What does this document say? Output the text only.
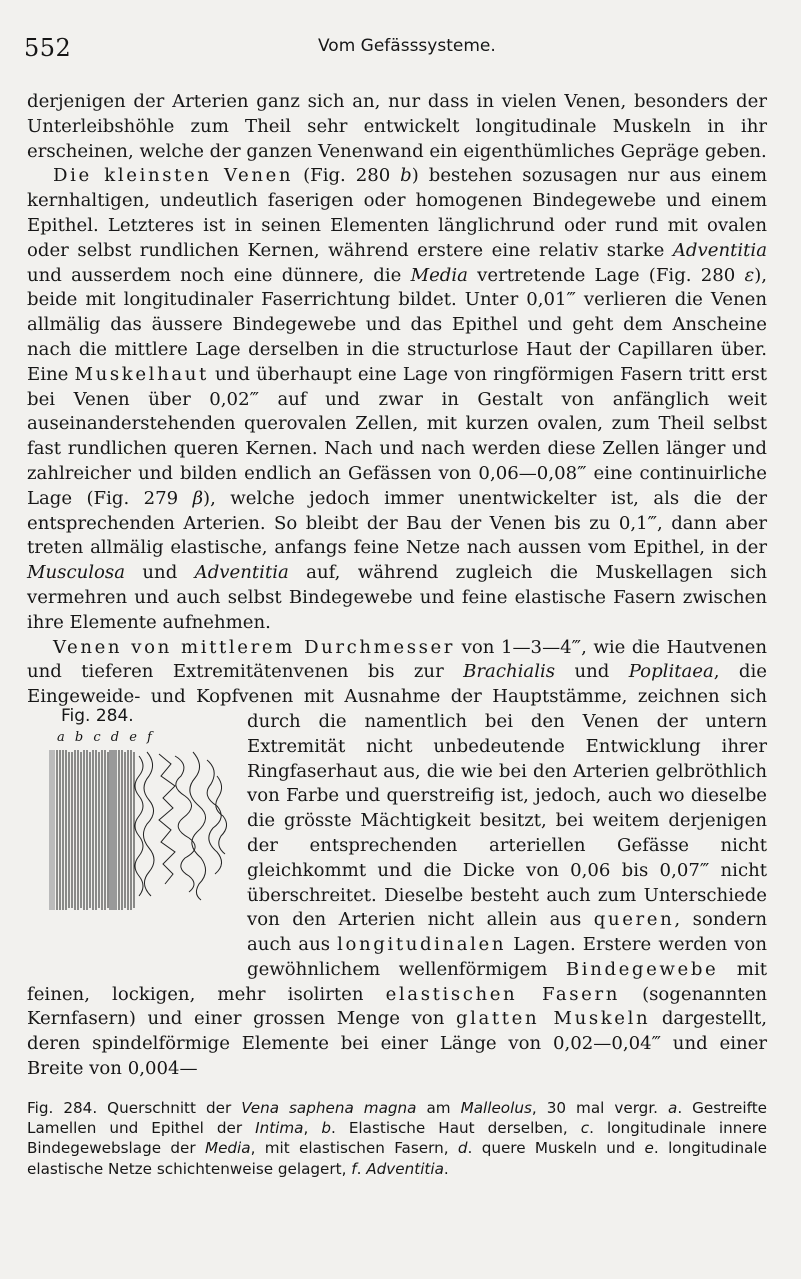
552	Vom Gefässsysteme.

derjenigen der Arterien ganz sich an, nur dass in vielen Venen, besonders der Unterleibshöhle zum Theil sehr entwickelt longitudinale Muskeln in ihr erscheinen, welche der ganzen Venenwand ein eigenthümliches Gepräge geben.

Die kleinsten Venen (Fig. 280 b) bestehen sozusagen nur aus einem kernhaltigen, undeutlich faserigen oder homogenen Bindegewebe und einem Epithel. Letzteres ist in seinen Elementen länglichrund oder rund mit ovalen oder selbst rundlichen Kernen, während erstere eine relativ starke Adventitia und ausserdem noch eine dünnere, die Media vertretende Lage (Fig. 280 ε), beide mit longitudinaler Faserrichtung bildet. Unter 0,01‴ verlieren die Venen allmälig das äussere Bindegewebe und das Epithel und geht dem Anscheine nach die mittlere Lage derselben in die structurlose Haut der Capillaren über. Eine Muskelhaut und überhaupt eine Lage von ringförmigen Fasern tritt erst bei Venen über 0,02‴ auf und zwar in Gestalt von anfänglich weit auseinanderstehenden querovalen Zellen, mit kurzen ovalen, zum Theil selbst fast rundlichen queren Kernen. Nach und nach werden diese Zellen länger und zahlreicher und bilden endlich an Gefässen von 0,06—0,08‴ eine continuirliche Lage (Fig. 279 β), welche jedoch immer unentwickelter ist, als die der entsprechenden Arterien. So bleibt der Bau der Venen bis zu 0,1‴, dann aber treten allmälig elastische, anfangs feine Netze nach aussen vom Epithel, in der Musculosa und Adventitia auf, während zugleich die Muskellagen sich vermehren und auch selbst Bindegewebe und feine elastische Fasern zwischen ihre Elemente aufnehmen.

Venen von mittlerem Durchmesser von 1—3—4‴, wie die Hautvenen und tieferen Extremitätenvenen bis zur Brachialis und Poplitaea, die Eingeweide- und Kopfvenen mit Ausnahme der Hauptstämme,
zeichnen sich durch die namentlich bei den Venen der untern Extremität nicht unbedeutende Entwicklung ihrer Ringfaserhaut aus, die wie bei den Arterien gelbröthlich von Farbe und querstreifig ist, jedoch, auch wo dieselbe die grösste Mächtigkeit besitzt, bei weitem derjenigen der entsprechenden arteriellen Gefässe nicht gleichkommt und die Dicke von 0,06 bis 0,07‴ nicht überschreitet. Dieselbe besteht auch zum Unterschiede von den Arterien nicht allein aus queren, sondern auch aus longitudinalen Lagen. Erstere werden von gewöhnlichem wellenförmigem Bindegewebe mit feinen, lockigen, mehr isolirten elastischen Fasern (sogenannten Kernfasern) und einer grossen Menge von glatten Muskeln dargestellt, deren spindelförmige Elemente bei einer Länge von 0,02—0,04‴ und einer Breite von 0,004—

Fig. 284.
a b c d e f
Fig. 284. Querschnitt der Vena saphena magna am Malleolus, 30 mal vergr. a. Gestreifte Lamellen und Epithel der Intima, b. Elastische Haut derselben, c. longitudinale innere Bindegewebslage der Media, mit elastischen Fasern, d. quere Muskeln und e. longitudinale elastische Netze schichtenweise gelagert, f. Adventitia.
